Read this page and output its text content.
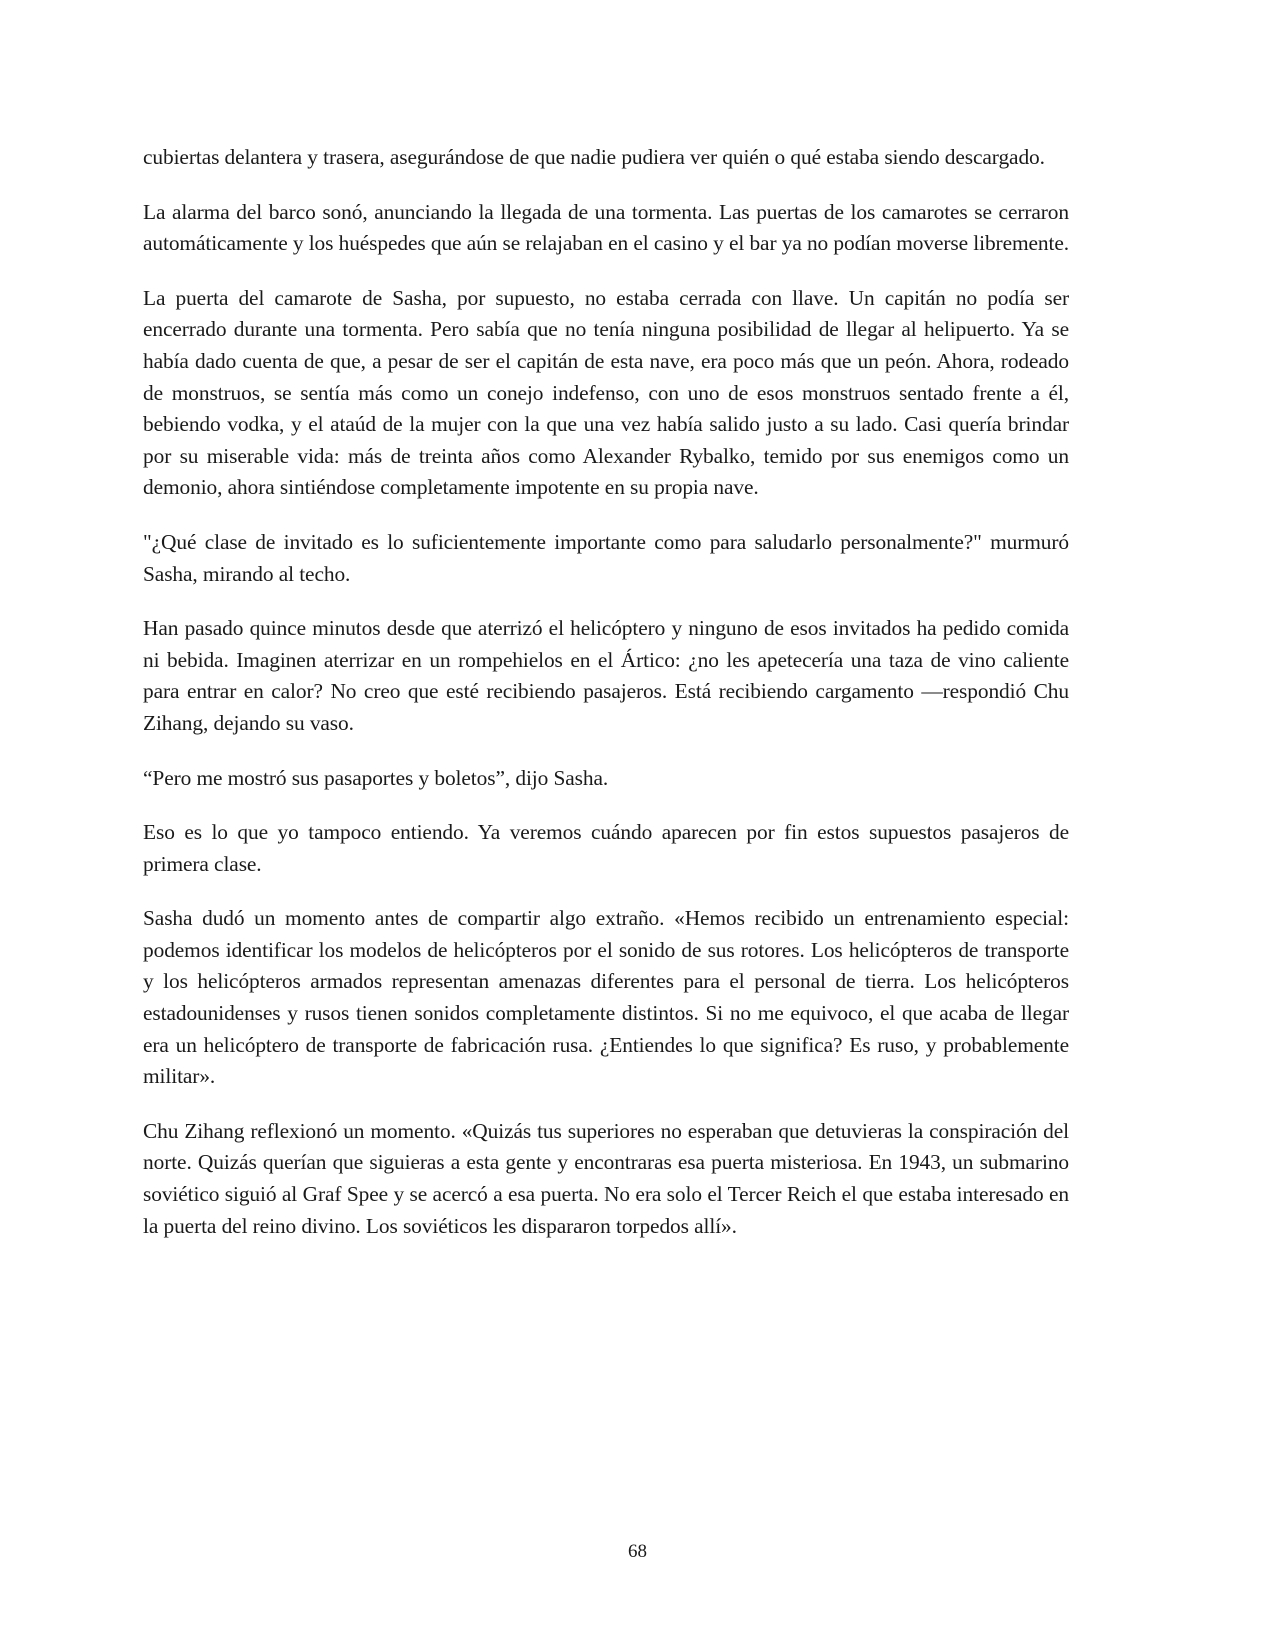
cubiertas delantera y trasera, asegurándose de que nadie pudiera ver quién o qué estaba siendo descargado.

La alarma del barco sonó, anunciando la llegada de una tormenta. Las puertas de los camarotes se cerraron automáticamente y los huéspedes que aún se relajaban en el casino y el bar ya no podían moverse libremente.

La puerta del camarote de Sasha, por supuesto, no estaba cerrada con llave. Un capitán no podía ser encerrado durante una tormenta. Pero sabía que no tenía ninguna posibilidad de llegar al helipuerto. Ya se había dado cuenta de que, a pesar de ser el capitán de esta nave, era poco más que un peón. Ahora, rodeado de monstruos, se sentía más como un conejo indefenso, con uno de esos monstruos sentado frente a él, bebiendo vodka, y el ataúd de la mujer con la que una vez había salido justo a su lado. Casi quería brindar por su miserable vida: más de treinta años como Alexander Rybalko, temido por sus enemigos como un demonio, ahora sintiéndose completamente impotente en su propia nave.

"¿Qué clase de invitado es lo suficientemente importante como para saludarlo personalmente?" murmuró Sasha, mirando al techo.

Han pasado quince minutos desde que aterrizó el helicóptero y ninguno de esos invitados ha pedido comida ni bebida. Imaginen aterrizar en un rompehielos en el Ártico: ¿no les apetecería una taza de vino caliente para entrar en calor? No creo que esté recibiendo pasajeros. Está recibiendo cargamento —respondió Chu Zihang, dejando su vaso.

“Pero me mostró sus pasaportes y boletos”, dijo Sasha.

Eso es lo que yo tampoco entiendo. Ya veremos cuándo aparecen por fin estos supuestos pasajeros de primera clase.

Sasha dudó un momento antes de compartir algo extraño. «Hemos recibido un entrenamiento especial: podemos identificar los modelos de helicópteros por el sonido de sus rotores. Los helicópteros de transporte y los helicópteros armados representan amenazas diferentes para el personal de tierra. Los helicópteros estadounidenses y rusos tienen sonidos completamente distintos. Si no me equivoco, el que acaba de llegar era un helicóptero de transporte de fabricación rusa. ¿Entiendes lo que significa? Es ruso, y probablemente militar».

Chu Zihang reflexionó un momento. «Quizás tus superiores no esperaban que detuvieras la conspiración del norte. Quizás querían que siguieras a esta gente y encontraras esa puerta misteriosa. En 1943, un submarino soviético siguió al Graf Spee y se acercó a esa puerta. No era solo el Tercer Reich el que estaba interesado en la puerta del reino divino. Los soviéticos les dispararon torpedos allí».

68
